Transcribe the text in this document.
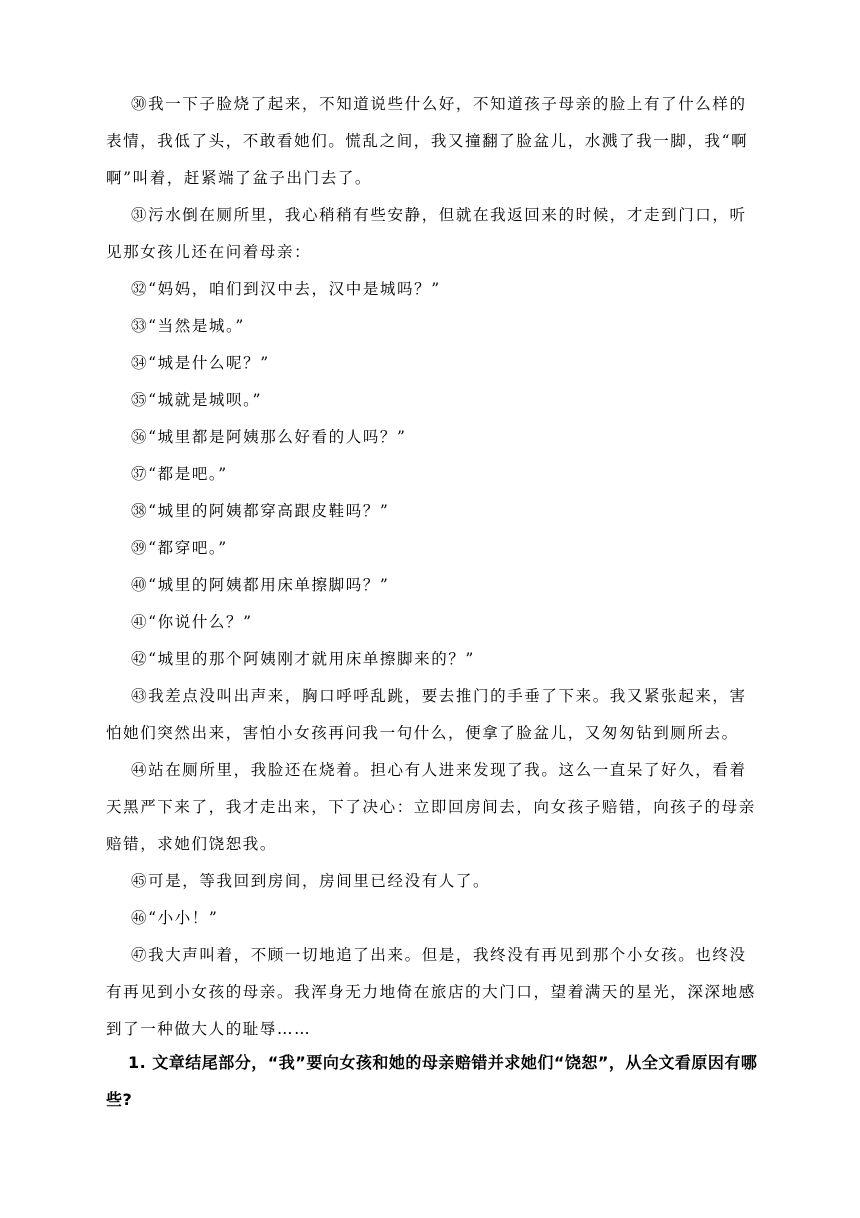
㉚我一下子脸烧了起来，不知道说些什么好，不知道孩子母亲的脸上有了什么样的表情，我低了头，不敢看她们。慌乱之间，我又撞翻了脸盆儿，水溅了我一脚，我“啊啊”叫着，赶紧端了盆子出门去了。

㉛污水倒在厕所里，我心稍稍有些安静，但就在我返回来的时候，才走到门口，听见那女孩儿还在问着母亲：

㉜“妈妈，咱们到汉中去，汉中是城吗？”

㉝“当然是城。”

㉞“城是什么呢？”

㉟“城就是城呗。”

㊱“城里都是阿姨那么好看的人吗？”

㊲“都是吧。”

㊳“城里的阿姨都穿高跟皮鞋吗？”

㊴“都穿吧。”

㊵“城里的阿姨都用床单擦脚吗？”

㊶“你说什么？”

㊷“城里的那个阿姨刚才就用床单擦脚来的？”

㊸我差点没叫出声来，胸口呼呼乱跳，要去推门的手垂了下来。我又紧张起来，害怕她们突然出来，害怕小女孩再问我一句什么，便拿了脸盆儿，又匆匆钻到厕所去。

㊹站在厕所里，我脸还在烧着。担心有人进来发现了我。这么一直呆了好久，看着天黑严下来了，我才走出来，下了决心：立即回房间去，向女孩子赔错，向孩子的母亲赔错，求她们饶恕我。

㊺可是，等我回到房间，房间里已经没有人了。

㊻“小小！”

㊼我大声叫着，不顾一切地追了出来。但是，我终没有再见到那个小女孩。也终没有再见到小女孩的母亲。我浑身无力地倚在旅店的大门口，望着满天的星光，深深地感到了一种做大人的耻辱……

1. 文章结尾部分，“我”要向女孩和她的母亲赔错并求她们“饶恕”，从全文看原因有哪些?
